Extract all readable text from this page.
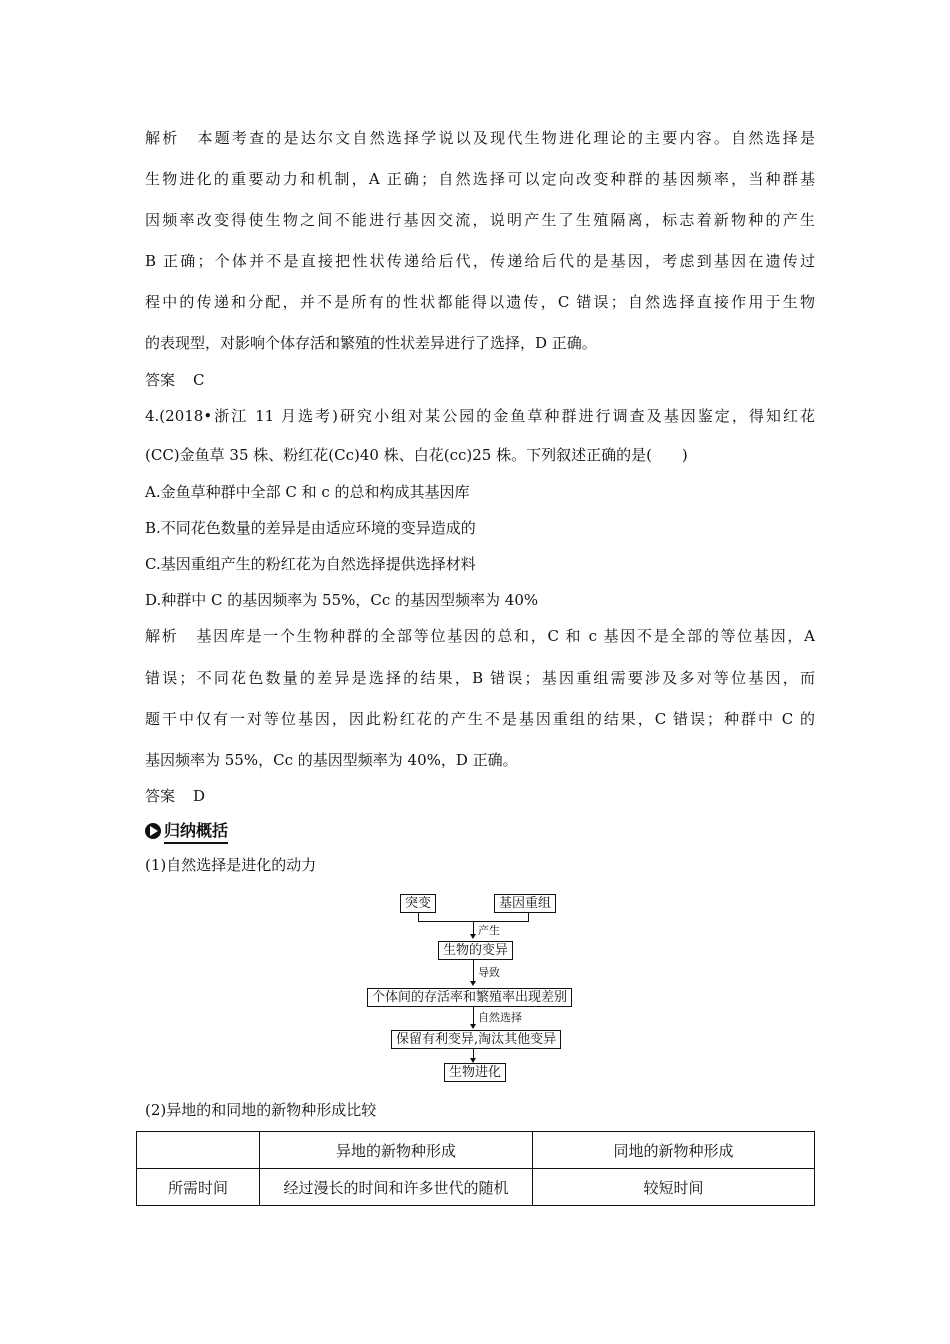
解析 本题考查的是达尔文自然选择学说以及现代生物进化理论的主要内容。自然选择是
生物进化的重要动力和机制，A 正确；自然选择可以定向改变种群的基因频率，当种群基
因频率改变得使生物之间不能进行基因交流，说明产生了生殖隔离，标志着新物种的产生
B 正确；个体并不是直接把性状传递给后代，传递给后代的是基因，考虑到基因在遗传过
程中的传递和分配，并不是所有的性状都能得以遗传，C 错误；自然选择直接作用于生物
的表现型，对影响个体存活和繁殖的性状差异进行了选择，D 正确。
答案 C
4.(2018•浙江 11 月选考)研究小组对某公园的金鱼草种群进行调查及基因鉴定，得知红花
(CC)金鱼草 35 株、粉红花(Cc)40 株、白花(cc)25 株。下列叙述正确的是(　　)
A.金鱼草种群中全部 C 和 c 的总和构成其基因库
B.不同花色数量的差异是由适应环境的变异造成的
C.基因重组产生的粉红花为自然选择提供选择材料
D.种群中 C 的基因频率为 55%，Cc 的基因型频率为 40%
解析 基因库是一个生物种群的全部等位基因的总和，C 和 c 基因不是全部的等位基因，A
错误；不同花色数量的差异是选择的结果，B 错误；基因重组需要涉及多对等位基因，而
题干中仅有一对等位基因，因此粉红花的产生不是基因重组的结果，C 错误；种群中 C 的
基因频率为 55%，Cc 的基因型频率为 40%，D 正确。
答案 D
归纳概括
(1)自然选择是进化的动力
突变	基因重组
产生
生物的变异
导致
个体间的存活率和繁殖率出现差别
自然选择
保留有利变异,淘汰其他变异
生物进化
(2)异地的和同地的新物种形成比较
	异地的新物种形成	同地的新物种形成
所需时间	经过漫长的时间和许多世代的随机	较短时间
